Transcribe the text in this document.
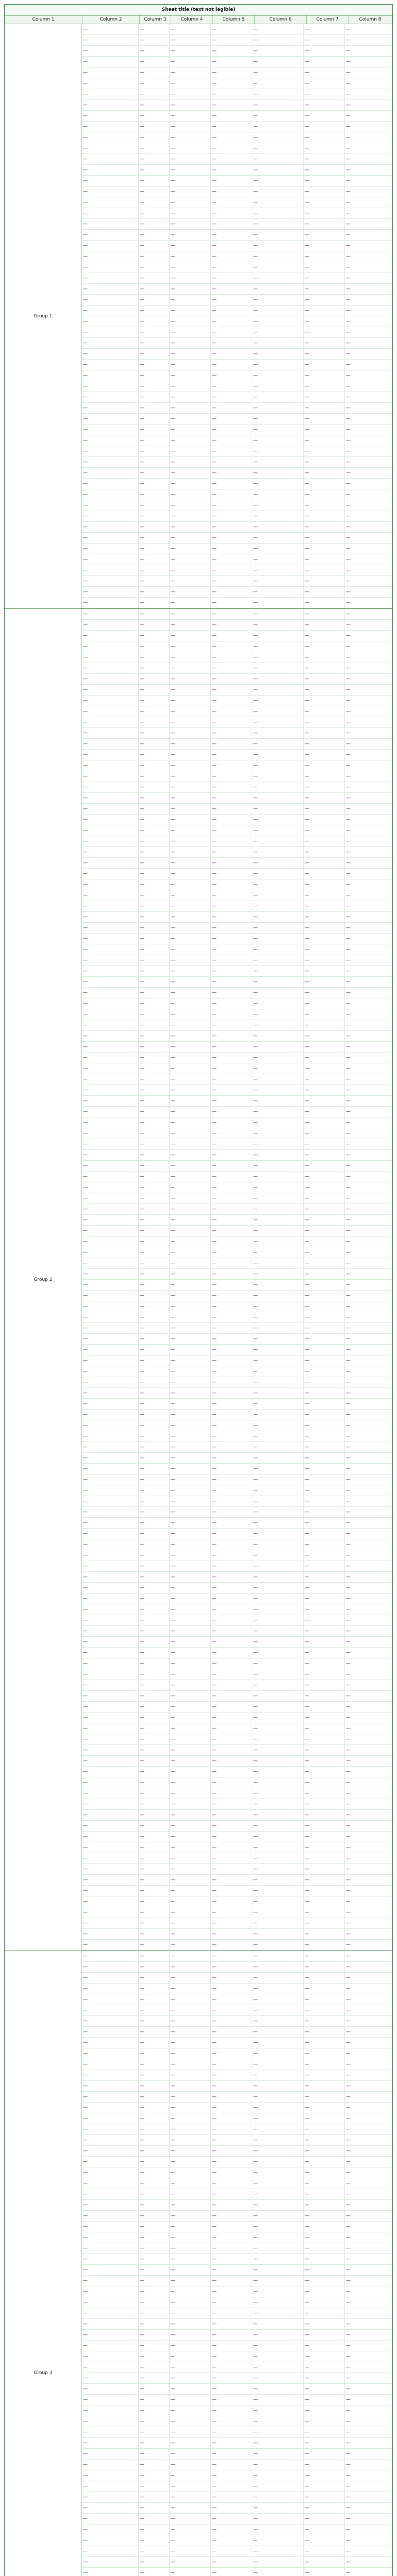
Sheet title (text not legible)
Column 1	Column 2	Column 3	Column 4	Column 5	Column 6	Column 7	Column 8
Group 1
—	—	—	—	—	—	—
—	—	—	—	—	—	—
—	—	—	—	—	—	—
—	—	—	—	—	—	—
—	—	—	—	—	—	—
—	—	—	—	—	—	—
—	—	—	—	—	—	—
—	—	—	—	—	—	—
—	—	—	—	—	—	—
—	—	—	—	—	—	—
—	—	—	—	—	—	—
—	—	—	—	—	—	—
—	—	—	—	—	—	—
—	—	—	—	—	—	—
—	—	—	—	—	—	—
—	—	—	—	—	—	—
—	—	—	—	—	—	—
—	—	—	—	—	—	—
—	—	—	—	—	—	—
—	—	—	—	—	—	—
—	—	—	—	—	—	—
—	—	—	—	—	—	—
—	—	—	—	—	—	—
—	—	—	—	—	—	—
—	—	—	—	—	—	—
—	—	—	—	—	—	—
—	—	—	—	—	—	—
—	—	—	—	—	—	—
—	—	—	—	—	—	—
—	—	—	—	—	—	—
—	—	—	—	—	—	—
—	—	—	—	—	—	—
—	—	—	—	—	—	—
—	—	—	—	—	—	—
—	—	—	—	—	—	—
—	—	—	—	—	—	—
—	—	—	—	—	—	—
—	—	—	—	—	—	—
—	—	—	—	—	—	—
—	—	—	—	—	—	—
—	—	—	—	—	—	—
—	—	—	—	—	—	—
—	—	—	—	—	—	—
—	—	—	—	—	—	—
—	—	—	—	—	—	—
—	—	—	—	—	—	—
—	—	—	—	—	—	—
—	—	—	—	—	—	—
—	—	—	—	—	—	—
—	—	—	—	—	—	—
—	—	—	—	—	—	—
—	—	—	—	—	—	—
—	—	—	—	—	—	—
—	—	—	—	—	—	—
Group 2
—	—	—	—	—	—	—
—	—	—	—	—	—	—
—	—	—	—	—	—	—
—	—	—	—	—	—	—
—	—	—	—	—	—	—
—	—	—	—	—	—	—
—	—	—	—	—	—	—
—	—	—	—	—	—	—
—	—	—	—	—	—	—
—	—	—	—	—	—	—
—	—	—	—	—	—	—
—	—	—	—	—	—	—
—	—	—	—	—	—	—
—	—	—	—	—	—	—
—	—	—	—	—	—	—
—	—	—	—	—	—	—
—	—	—	—	—	—	—
—	—	—	—	—	—	—
—	—	—	—	—	—	—
—	—	—	—	—	—	—
—	—	—	—	—	—	—
—	—	—	—	—	—	—
—	—	—	—	—	—	—
—	—	—	—	—	—	—
—	—	—	—	—	—	—
—	—	—	—	—	—	—
—	—	—	—	—	—	—
—	—	—	—	—	—	—
—	—	—	—	—	—	—
—	—	—	—	—	—	—
—	—	—	—	—	—	—
—	—	—	—	—	—	—
—	—	—	—	—	—	—
—	—	—	—	—	—	—
—	—	—	—	—	—	—
—	—	—	—	—	—	—
—	—	—	—	—	—	—
—	—	—	—	—	—	—
—	—	—	—	—	—	—
—	—	—	—	—	—	—
—	—	—	—	—	—	—
—	—	—	—	—	—	—
—	—	—	—	—	—	—
—	—	—	—	—	—	—
—	—	—	—	—	—	—
—	—	—	—	—	—	—
—	—	—	—	—	—	—
—	—	—	—	—	—	—
—	—	—	—	—	—	—
—	—	—	—	—	—	—
—	—	—	—	—	—	—
—	—	—	—	—	—	—
—	—	—	—	—	—	—
—	—	—	—	—	—	—
—	—	—	—	—	—	—
—	—	—	—	—	—	—
—	—	—	—	—	—	—
—	—	—	—	—	—	—
—	—	—	—	—	—	—
—	—	—	—	—	—	—
—	—	—	—	—	—	—
—	—	—	—	—	—	—
—	—	—	—	—	—	—
—	—	—	—	—	—	—
—	—	—	—	—	—	—
—	—	—	—	—	—	—
—	—	—	—	—	—	—
—	—	—	—	—	—	—
—	—	—	—	—	—	—
—	—	—	—	—	—	—
—	—	—	—	—	—	—
—	—	—	—	—	—	—
—	—	—	—	—	—	—
—	—	—	—	—	—	—
—	—	—	—	—	—	—
—	—	—	—	—	—	—
—	—	—	—	—	—	—
—	—	—	—	—	—	—
—	—	—	—	—	—	—
—	—	—	—	—	—	—
—	—	—	—	—	—	—
—	—	—	—	—	—	—
—	—	—	—	—	—	—
—	—	—	—	—	—	—
—	—	—	—	—	—	—
—	—	—	—	—	—	—
—	—	—	—	—	—	—
—	—	—	—	—	—	—
—	—	—	—	—	—	—
—	—	—	—	—	—	—
—	—	—	—	—	—	—
—	—	—	—	—	—	—
—	—	—	—	—	—	—
—	—	—	—	—	—	—
—	—	—	—	—	—	—
—	—	—	—	—	—	—
—	—	—	—	—	—	—
—	—	—	—	—	—	—
—	—	—	—	—	—	—
—	—	—	—	—	—	—
—	—	—	—	—	—	—
—	—	—	—	—	—	—
—	—	—	—	—	—	—
—	—	—	—	—	—	—
—	—	—	—	—	—	—
—	—	—	—	—	—	—
—	—	—	—	—	—	—
—	—	—	—	—	—	—
—	—	—	—	—	—	—
—	—	—	—	—	—	—
—	—	—	—	—	—	—
—	—	—	—	—	—	—
—	—	—	—	—	—	—
—	—	—	—	—	—	—
—	—	—	—	—	—	—
—	—	—	—	—	—	—
—	—	—	—	—	—	—
—	—	—	—	—	—	—
—	—	—	—	—	—	—
—	—	—	—	—	—	—
—	—	—	—	—	—	—
—	—	—	—	—	—	—
—	—	—	—	—	—	—
—	—	—	—	—	—	—
Group 3
—	—	—	—	—	—	—
—	—	—	—	—	—	—
—	—	—	—	—	—	—
—	—	—	—	—	—	—
—	—	—	—	—	—	—
—	—	—	—	—	—	—
—	—	—	—	—	—	—
—	—	—	—	—	—	—
—	—	—	—	—	—	—
—	—	—	—	—	—	—
—	—	—	—	—	—	—
—	—	—	—	—	—	—
—	—	—	—	—	—	—
—	—	—	—	—	—	—
—	—	—	—	—	—	—
—	—	—	—	—	—	—
—	—	—	—	—	—	—
—	—	—	—	—	—	—
—	—	—	—	—	—	—
—	—	—	—	—	—	—
—	—	—	—	—	—	—
—	—	—	—	—	—	—
—	—	—	—	—	—	—
—	—	—	—	—	—	—
—	—	—	—	—	—	—
—	—	—	—	—	—	—
—	—	—	—	—	—	—
—	—	—	—	—	—	—
—	—	—	—	—	—	—
—	—	—	—	—	—	—
—	—	—	—	—	—	—
—	—	—	—	—	—	—
—	—	—	—	—	—	—
—	—	—	—	—	—	—
—	—	—	—	—	—	—
—	—	—	—	—	—	—
—	—	—	—	—	—	—
—	—	—	—	—	—	—
—	—	—	—	—	—	—
—	—	—	—	—	—	—
—	—	—	—	—	—	—
—	—	—	—	—	—	—
—	—	—	—	—	—	—
—	—	—	—	—	—	—
—	—	—	—	—	—	—
—	—	—	—	—	—	—
—	—	—	—	—	—	—
—	—	—	—	—	—	—
—	—	—	—	—	—	—
—	—	—	—	—	—	—
—	—	—	—	—	—	—
—	—	—	—	—	—	—
—	—	—	—	—	—	—
—	—	—	—	—	—	—
—	—	—	—	—	—	—
—	—	—	—	—	—	—
—	—	—	—	—	—	—
—	—	—	—	—	—	—
